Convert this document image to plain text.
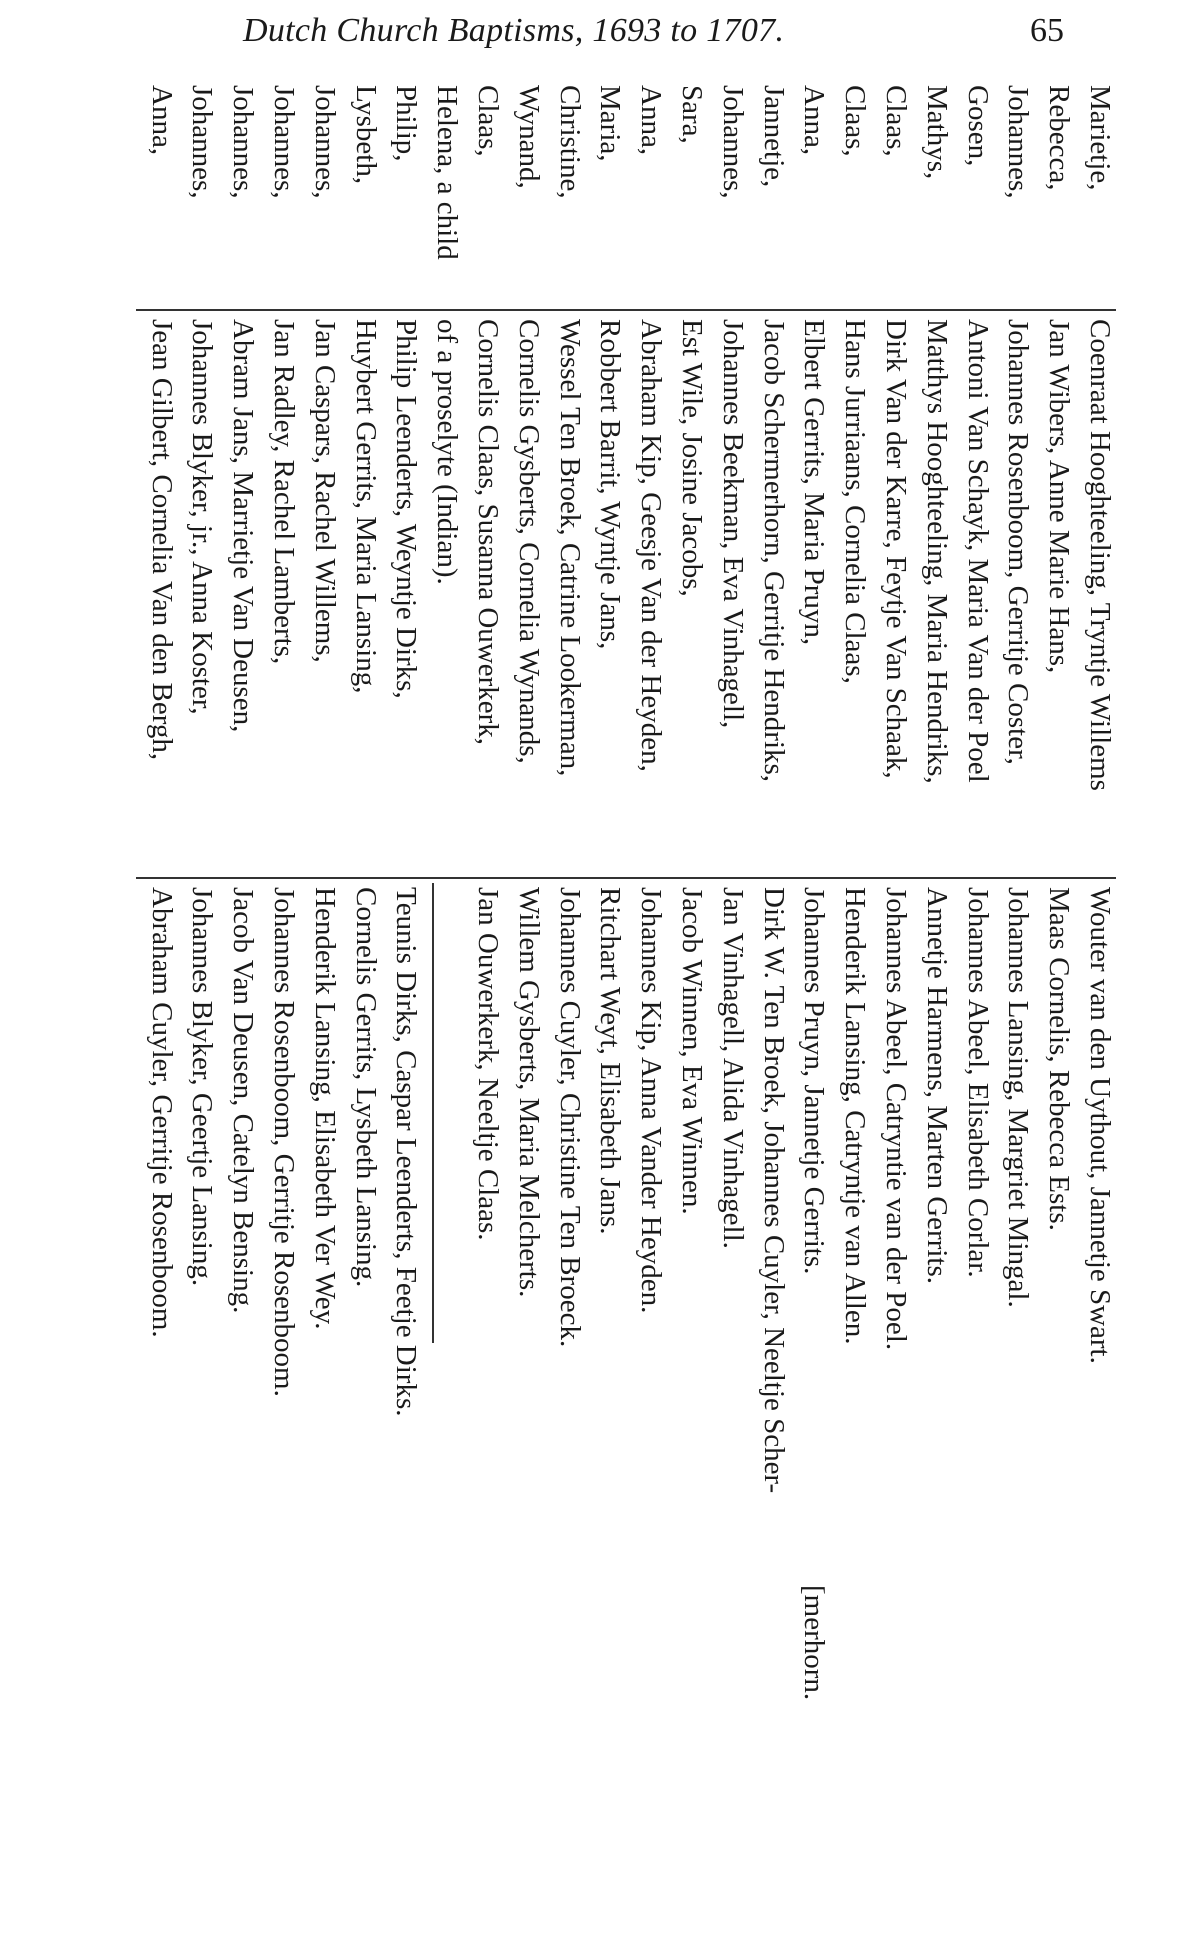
Dutch Church Baptisms, 1693 to 1707.	65
Marietje,
Coenraat Hooghteeling, Tryntje Willems
Wouter van den Uythout, Jannetje Swart.
Rebecca,
Jan Wibers, Anne Marie Hans,
Maas Cornelis, Rebecca Ests.
Johannes,
Johannes Rosenboom, Gerritje Coster,
Johannes Lansing, Margriet Mingal.
Gosen,
Antoni Van Schayk, Maria Van der Poel
Johannes Abeel, Elisabeth Corlar.
Mathys,
Matthys Hooghteeling, Maria Hendriks,
Annetje Harmens, Marten Gerrits.
Claas,
Dirk Van der Karre, Feytje Van Schaak,
Johannes Abeel, Catryntie van der Poel.
Claas,
Hans Jurriaans, Cornelia Claas,
Henderik Lansing, Catryntje van Allen.
Anna,
Elbert Gerrits, Maria Pruyn,
Johannes Pruyn, Jannetje Gerrits.
[merhorn.
Jannetje,
Jacob Schermerhorn, Gerritje Hendriks,
Dirk W. Ten Broek, Johannes Cuyler, Neeltje Scher-
Johannes,
Johannes Beekman, Eva Vinhagell,
Jan Vinhagell, Alida Vinhagell.
Sara,
Est Wile, Josine Jacobs,
Jacob Winnen, Eva Winnen.
Anna,
Abraham Kip, Geesje Van der Heyden,
Johannes Kip, Anna Vander Heyden.
Maria,
Robbert Barrit, Wyntje Jans,
Ritchart Weyt, Elisabeth Jans.
Christine,
Wessel Ten Broek, Catrine Lookerman,
Johannes Cuyler, Christine Ten Broeck.
Wynand,
Cornelis Gysberts, Cornelia Wynands,
Willem Gysberts, Maria Melcherts.
Claas,
Cornelis Claas, Susanna Ouwerkerk,
Jan Ouwerkerk, Neeltje Claas.
Helena, a child
of a proselyte (Indian).
Philip,
Philip Leenderts, Weyntje Dirks,
Teunis Dirks, Caspar Leenderts, Feetje Dirks.
Lysbeth,
Huybert Gerrits, Maria Lansing,
Cornelis Gerrits, Lysbeth Lansing.
Johannes,
Jan Caspars, Rachel Willems,
Henderik Lansing, Elisabeth Ver Wey.
Johannes,
Jan Radley, Rachel Lamberts,
Johannes Rosenboom, Gerritje Rosenboom.
Johannes,
Abram Jans, Marrietje Van Deusen,
Jacob Van Deusen, Catelyn Bensing.
Johannes,
Johannes Blyker, jr., Anna Koster,
Johannes Blyker, Geertje Lansing.
Anna,
Jean Gilbert, Cornelia Van den Bergh,
Abraham Cuyler, Gerritje Rosenboom.
